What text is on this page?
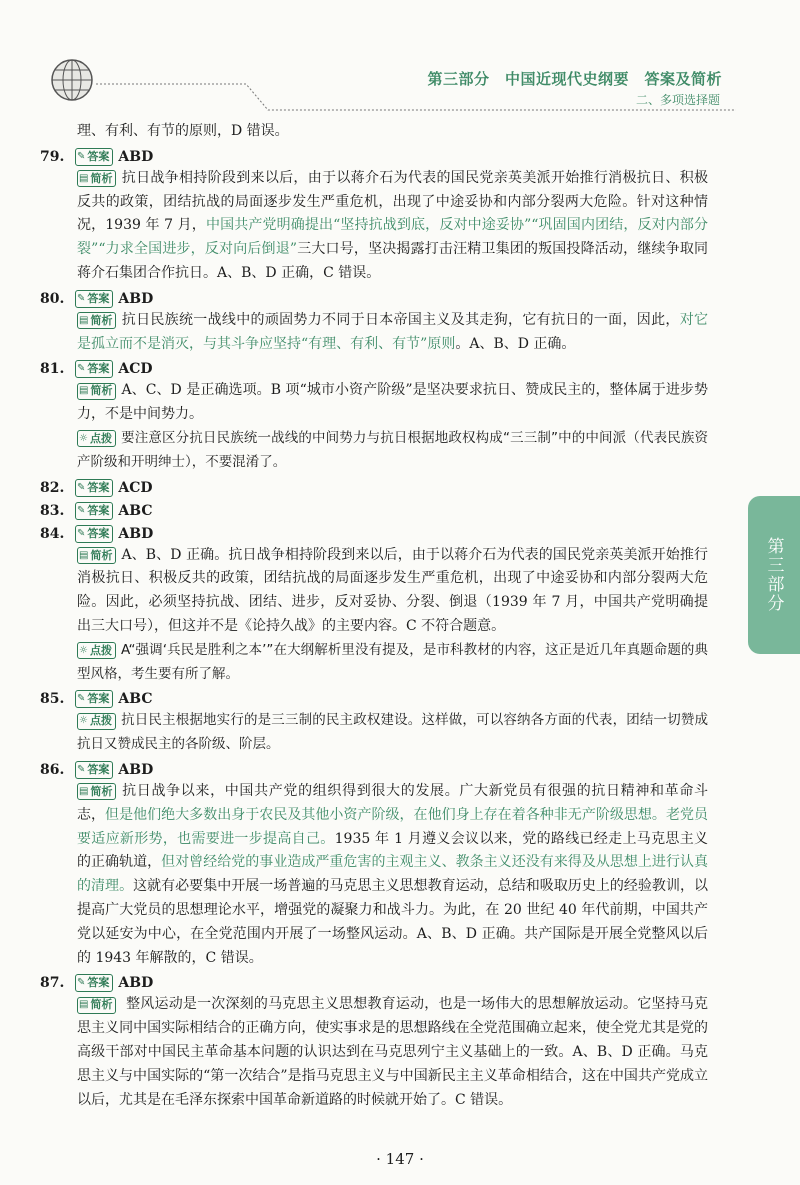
第三部分　中国近现代史纲要　答案及简析
二、多项选择题
第三部分

理、有利、有节的原则，D 错误。

79.	✎ 答案 ABD

▤ 简析 抗日战争相持阶段到来以后，由于以蒋介石为代表的国民党亲英美派开始推行消极抗日、积极反共的政策，团结抗战的局面逐步发生严重危机，出现了中途妥协和内部分裂两大危险。针对这种情况，1939 年 7 月，中国共产党明确提出“坚持抗战到底，反对中途妥协”“巩固国内团结，反对内部分裂”“力求全国进步，反对向后倒退”三大口号，坚决揭露打击汪精卫集团的叛国投降活动，继续争取同蒋介石集团合作抗日。A、B、D 正确，C 错误。

80.	✎ 答案 ABD

▤ 简析 抗日民族统一战线中的顽固势力不同于日本帝国主义及其走狗，它有抗日的一面，因此，对它是孤立而不是消灭，与其斗争应坚持“有理、有利、有节”原则。A、B、D 正确。

81.	✎ 答案 ACD

▤ 简析 A、C、D 是正确选项。B 项“城市小资产阶级”是坚决要求抗日、赞成民主的，整体属于进步势力，不是中间势力。

☼ 点拨 要注意区分抗日民族统一战线的中间势力与抗日根据地政权构成“三三制”中的中间派（代表民族资产阶级和开明绅士），不要混淆了。

82.	✎ 答案 ACD
83.	✎ 答案 ABC
84.	✎ 答案 ABD

▤ 简析 A、B、D 正确。抗日战争相持阶段到来以后，由于以蒋介石为代表的国民党亲英美派开始推行消极抗日、积极反共的政策，团结抗战的局面逐步发生严重危机，出现了中途妥协和内部分裂两大危险。因此，必须坚持抗战、团结、进步，反对妥协、分裂、倒退（1939 年 7 月，中国共产党明确提出三大口号），但这并不是《论持久战》的主要内容。C 不符合题意。

☼ 点拨 A“强调‘兵民是胜利之本’”在大纲解析里没有提及，是市科教材的内容，这正是近几年真题命题的典型风格，考生要有所了解。

85.	✎ 答案 ABC

☼ 点拨 抗日民主根据地实行的是三三制的民主政权建设。这样做，可以容纳各方面的代表，团结一切赞成抗日又赞成民主的各阶级、阶层。

86.	✎ 答案 ABD

▤ 简析 抗日战争以来，中国共产党的组织得到很大的发展。广大新党员有很强的抗日精神和革命斗志，但是他们绝大多数出身于农民及其他小资产阶级，在他们身上存在着各种非无产阶级思想。老党员要适应新形势，也需要进一步提高自己。1935 年 1 月遵义会议以来，党的路线已经走上马克思主义的正确轨道，但对曾经给党的事业造成严重危害的主观主义、教条主义还没有来得及从思想上进行认真的清理。这就有必要集中开展一场普遍的马克思主义思想教育运动，总结和吸取历史上的经验教训，以提高广大党员的思想理论水平，增强党的凝聚力和战斗力。为此，在 20 世纪 40 年代前期，中国共产党以延安为中心，在全党范围内开展了一场整风运动。A、B、D 正确。共产国际是开展全党整风以后的 1943 年解散的，C 错误。

87.	✎ 答案 ABD

▤ 简析 整风运动是一次深刻的马克思主义思想教育运动，也是一场伟大的思想解放运动。它坚持马克思主义同中国实际相结合的正确方向，使实事求是的思想路线在全党范围确立起来，使全党尤其是党的高级干部对中国民主革命基本问题的认识达到在马克思列宁主义基础上的一致。A、B、D 正确。马克思主义与中国实际的“第一次结合”是指马克思主义与中国新民主主义革命相结合，这在中国共产党成立以后，尤其是在毛泽东探索中国革命新道路的时候就开始了。C 错误。

· 147 ·
